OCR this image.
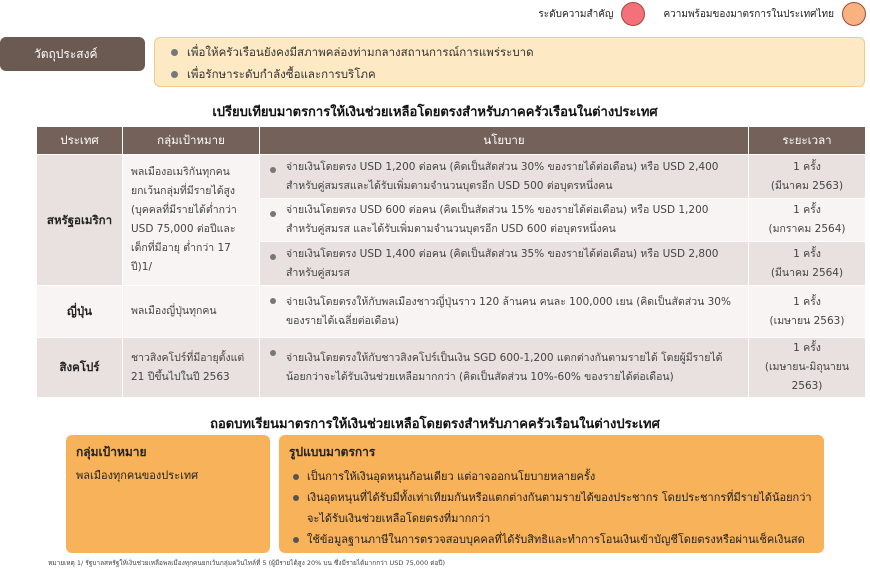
ระดับความสำคัญ	ความพร้อมของมาตรการในประเทศไทย
วัตถุประสงค์	เพื่อให้ครัวเรือนยังคงมีสภาพคล่องท่ามกลางสถานการณ์การแพร่ระบาด
เพื่อรักษาระดับกำลังซื้อและการบริโภค
เปรียบเทียบมาตรการให้เงินช่วยเหลือโดยตรงสำหรับภาคครัวเรือนในต่างประเทศ
ประเทศ	กลุ่มเป้าหมาย	นโยบาย	ระยะเวลา
สหรัฐอเมริกา	พลเมืองอเมริกันทุกคน ยกเว้นกลุ่มที่มีรายได้สูง (บุคคลที่มีรายได้ต่ำกว่า USD 75,000 ต่อปีและเด็กที่มีอายุ ต่ำกว่า 17 ปี)1/	จ่ายเงินโดยตรง USD 1,200 ต่อคน (คิดเป็นสัดส่วน 30% ของรายได้ต่อเดือน) หรือ USD 2,400 สำหรับคู่สมรสและได้รับเพิ่มตามจำนวนบุตรอีก USD 500 ต่อบุตรหนึ่งคน	1 ครั้ง
(มีนาคม 2563)

		จ่ายเงินโดยตรง USD 600 ต่อคน (คิดเป็นสัดส่วน 15% ของรายได้ต่อเดือน) หรือ USD 1,200 สำหรับคู่สมรส และได้รับเพิ่มตามจำนวนบุตรอีก USD 600 ต่อบุตรหนึ่งคน	1 ครั้ง
(มกราคม 2564)

		จ่ายเงินโดยตรง USD 1,400 ต่อคน (คิดเป็นสัดส่วน 35% ของรายได้ต่อเดือน) หรือ USD 2,800 สำหรับคู่สมรส	1 ครั้ง
(มีนาคม 2564)

ญี่ปุ่น	พลเมืองญี่ปุ่นทุกคน	จ่ายเงินโดยตรงให้กับพลเมืองชาวญี่ปุ่นราว 120 ล้านคน คนละ 100,000 เยน (คิดเป็นสัดส่วน 30% ของรายได้เฉลี่ยต่อเดือน)	1 ครั้ง
(เมษายน 2563)

สิงคโปร์	ชาวสิงคโปร์ที่มีอายุตั้งแต่ 21 ปีขึ้นไปในปี 2563	จ่ายเงินโดยตรงให้กับชาวสิงคโปร์เป็นเงิน SGD 600-1,200 แตกต่างกันตามรายได้ โดยผู้มีรายได้น้อยกว่าจะได้รับเงินช่วยเหลือมากกว่า (คิดเป็นสัดส่วน 10%-60% ของรายได้ต่อเดือน)	1 ครั้ง
(เมษายน-มิถุนายน
2563)
ถอดบทเรียนมาตรการให้เงินช่วยเหลือโดยตรงสำหรับภาคครัวเรือนในต่างประเทศ
กลุ่มเป้าหมาย
พลเมืองทุกคนของประเทศ
รูปแบบมาตรการ
เป็นการให้เงินอุดหนุนก้อนเดียว แต่อาจออกนโยบายหลายครั้ง
เงินอุดหนุนที่ได้รับมีทั้งเท่าเทียมกันหรือแตกต่างกันตามรายได้ของประชากร โดยประชากรที่มีรายได้น้อยกว่าจะได้รับเงินช่วยเหลือโดยตรงที่มากกว่า
ใช้ข้อมูลฐานภาษีในการตรวจสอบบุคคลที่ได้รับสิทธิและทำการโอนเงินเข้าบัญชีโดยตรงหรือผ่านเช็คเงินสด
หมายเหตุ 1/ รัฐบาลสหรัฐให้เงินช่วยเหลือพลเมืองทุกคนยกเว้นกลุ่มควินไทล์ที่ 5 (ผู้มีรายได้สูง 20% บน ซึ่งมีรายได้มากกว่า USD 75,000 ต่อปี)
